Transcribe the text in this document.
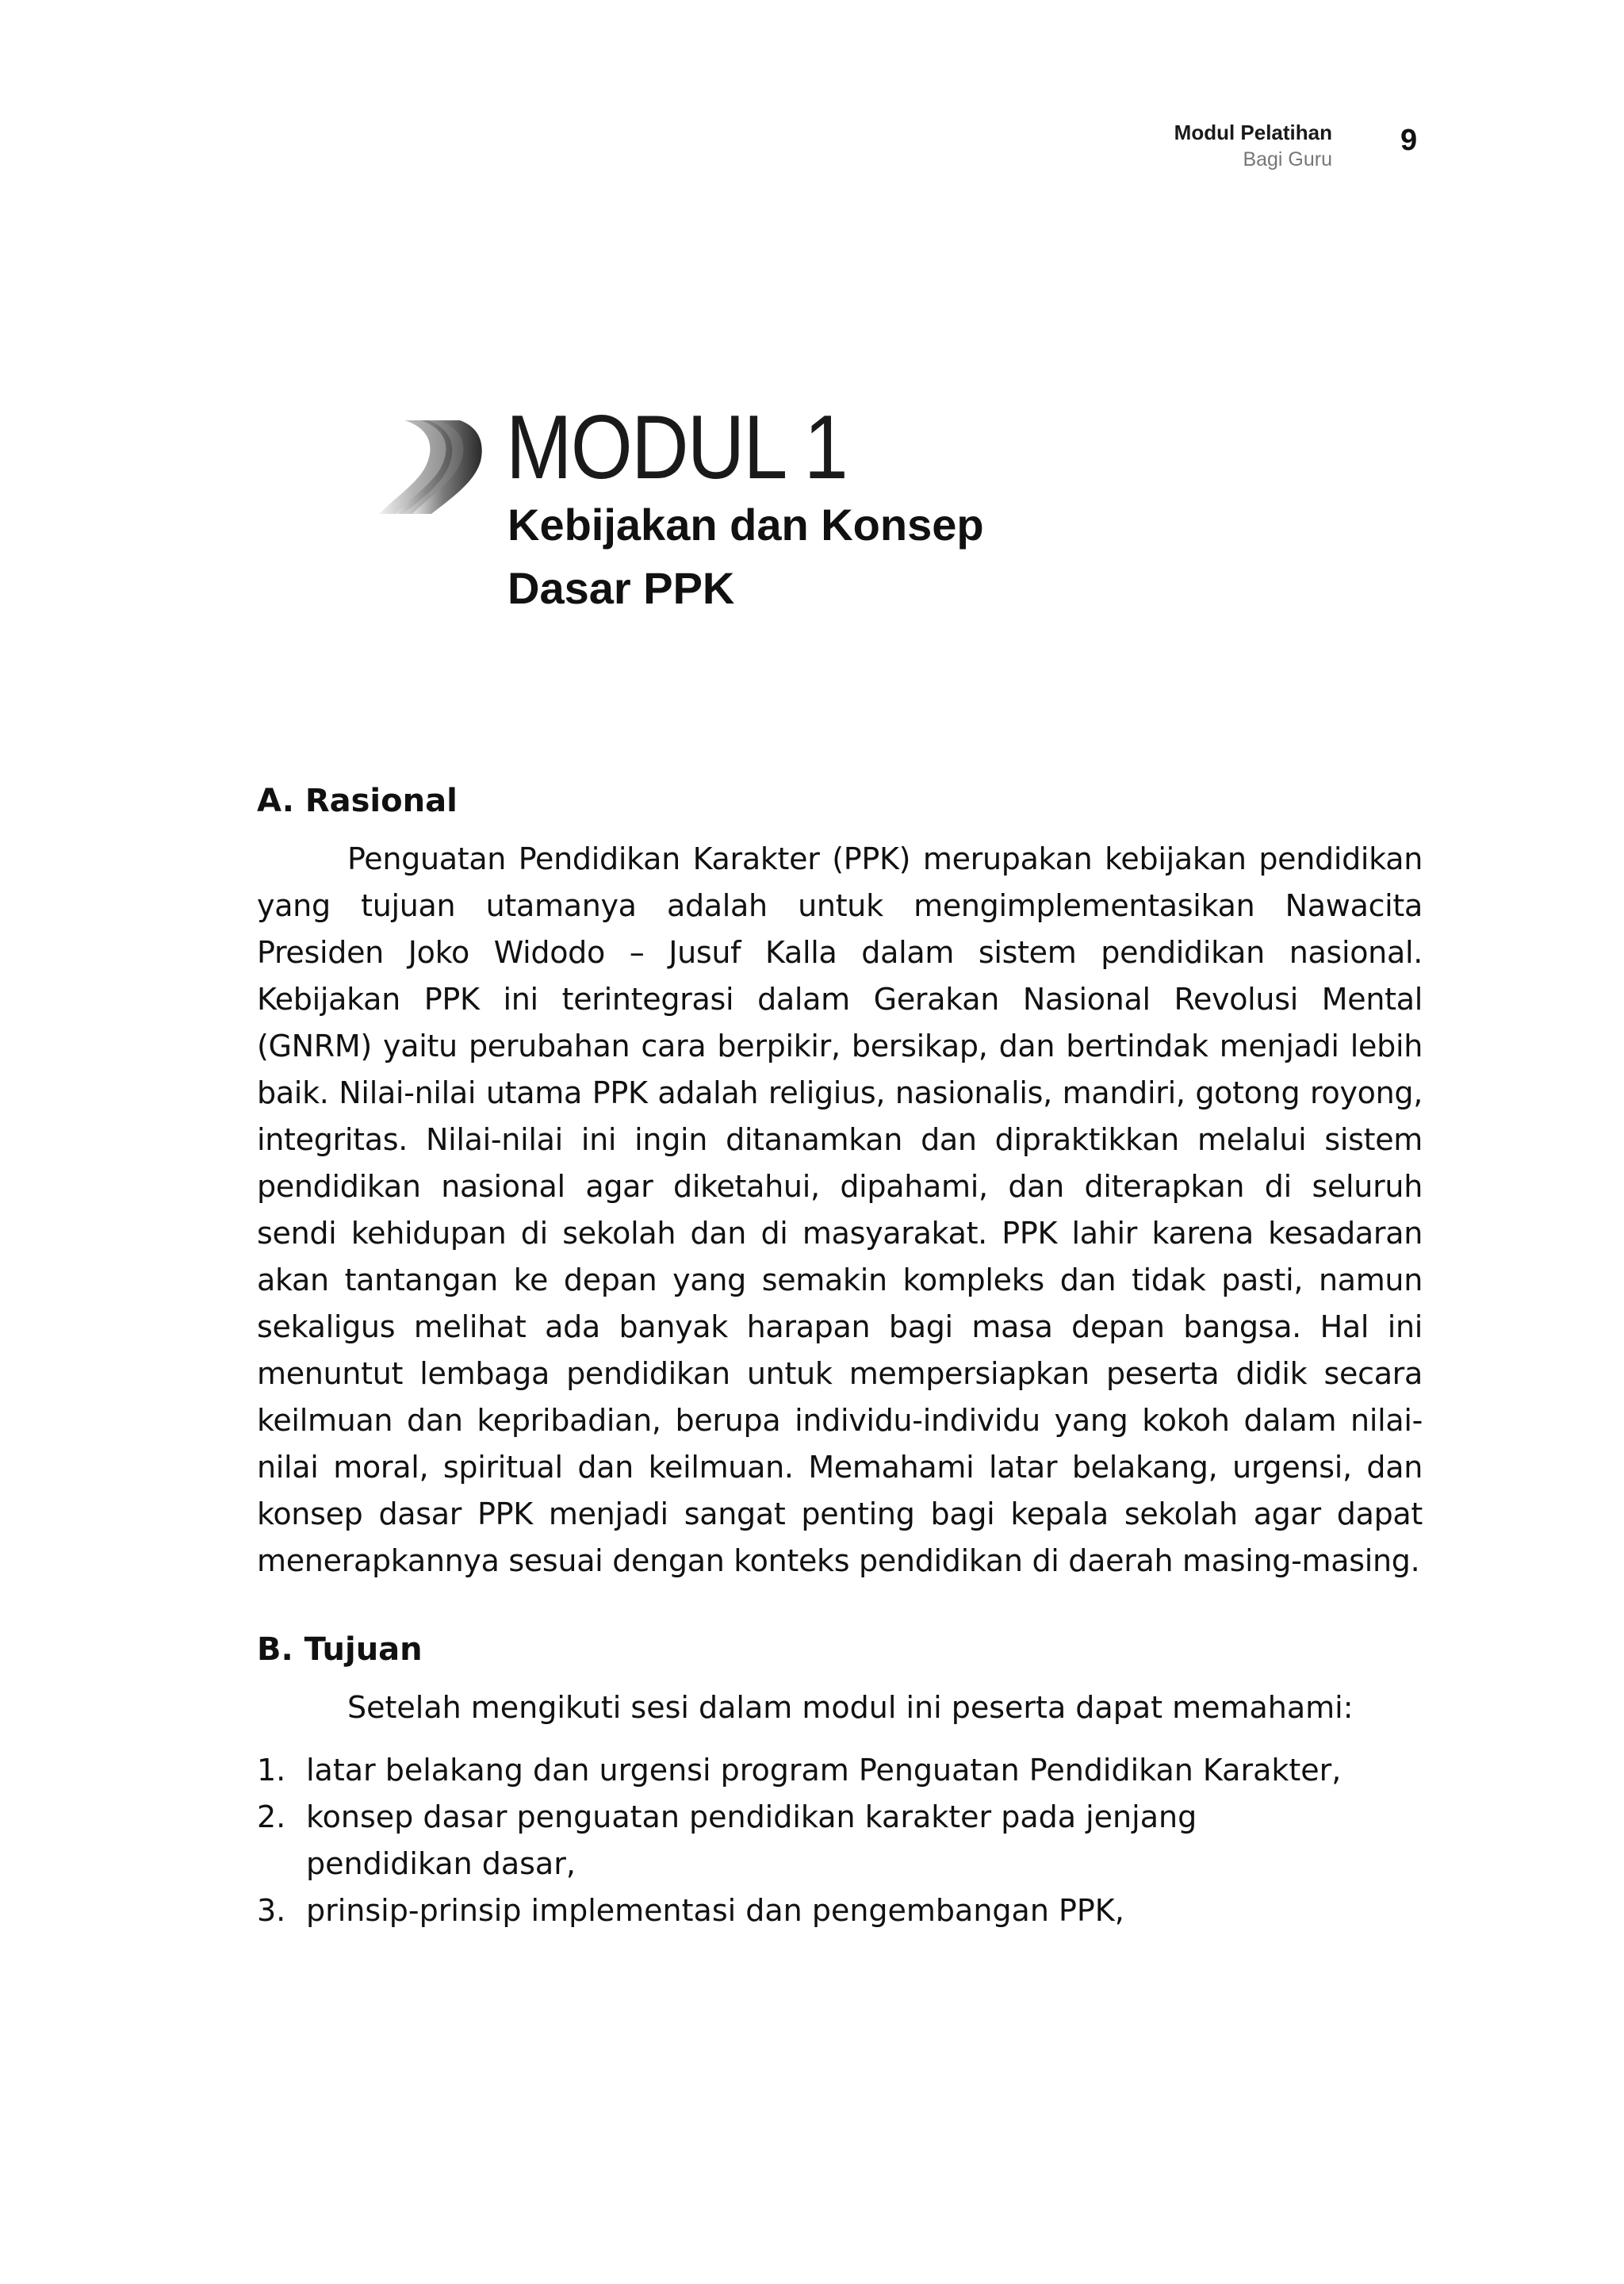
Modul Pelatihan
Bagi Guru
9
MODUL 1
Kebijakan dan Konsep Dasar PPK
A. Rasional

Penguatan Pendidikan Karakter (PPK) merupakan kebijakan pendidikan yang tujuan utamanya adalah untuk mengimplementasikan Nawacita Presiden Joko Widodo – Jusuf Kalla dalam sistem pendidikan nasional. Kebijakan PPK ini terintegrasi dalam Gerakan Nasional Revolusi Mental (GNRM) yaitu perubahan cara berpikir, bersikap, dan bertindak menjadi lebih baik. Nilai-nilai utama PPK adalah religius, nasionalis, mandiri, gotong royong, integritas. Nilai-nilai ini ingin ditanamkan dan dipraktikkan melalui sistem pendidikan nasional agar diketahui, dipahami, dan diterapkan di seluruh sendi kehidupan di sekolah dan di masyarakat. PPK lahir karena kesadaran akan tantangan ke depan yang semakin kompleks dan tidak pasti, namun sekaligus melihat ada banyak harapan bagi masa depan bangsa. Hal ini menuntut lembaga pendidikan untuk mempersiapkan peserta didik secara keilmuan dan kepribadian, berupa individu-individu yang kokoh dalam nilai-nilai moral, spiritual dan keilmuan. Memahami latar belakang, urgensi, dan konsep dasar PPK menjadi sangat penting bagi kepala sekolah agar dapat menerapkannya sesuai dengan konteks pendidikan di daerah masing-masing.

B. Tujuan

Setelah mengikuti sesi dalam modul ini peserta dapat memahami:

1. latar belakang dan urgensi program Penguatan Pendidikan Karakter,
2. konsep dasar penguatan pendidikan karakter pada jenjang pendidikan dasar,
3. prinsip-prinsip implementasi dan pengembangan PPK,
